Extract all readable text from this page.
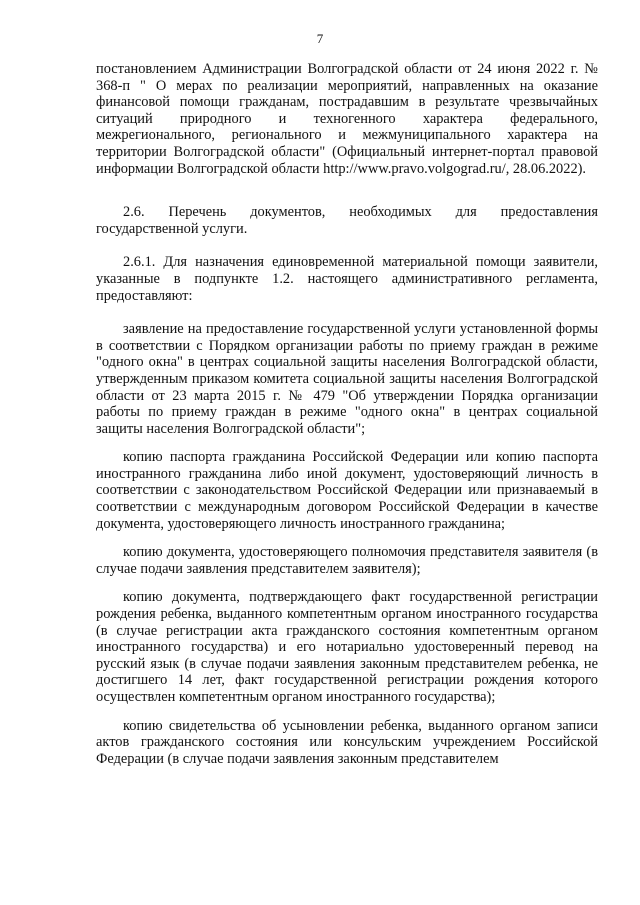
7

постановлением Администрации Волгоградской области от 24 июня 2022 г. № 368-п " О мерах по реализации мероприятий, направленных на оказание финансовой помощи гражданам, пострадавшим в результате чрезвычайных ситуаций природного и техногенного характера федерального, межрегионального, регионального и межмуниципального характера на территории Волгоградской области" (Официальный интернет-портал правовой информации Волгоградской области http://www.pravo.volgograd.ru/, 28.06.2022).

2.6. Перечень документов, необходимых для предоставления государственной услуги.

2.6.1. Для назначения единовременной материальной помощи заявители, указанные в подпункте 1.2. настоящего административного регламента, предоставляют:

заявление на предоставление государственной услуги установленной формы в соответствии с Порядком организации работы по приему граждан в режиме "одного окна" в центрах социальной защиты населения Волгоградской области, утвержденным приказом комитета социальной защиты населения Волгоградской области от 23 марта 2015 г. № 479 "Об утверждении Порядка организации работы по приему граждан в режиме "одного окна" в центрах социальной защиты населения Волгоградской области";

копию паспорта гражданина Российской Федерации или копию паспорта иностранного гражданина либо иной документ, удостоверяющий личность в соответствии с законодательством Российской Федерации или признаваемый в соответствии с международным договором Российской Федерации в качестве документа, удостоверяющего личность иностранного гражданина;

копию документа, удостоверяющего полномочия представителя заявителя (в случае подачи заявления представителем заявителя);

копию документа, подтверждающего факт государственной регистрации рождения ребенка, выданного компетентным органом иностранного государства (в случае регистрации акта гражданского состояния компетентным органом иностранного государства) и его нотариально удостоверенный перевод на русский язык (в случае подачи заявления законным представителем ребенка, не достигшего 14 лет, факт государственной регистрации рождения которого осуществлен компетентным органом иностранного государства);

копию свидетельства об усыновлении ребенка, выданного органом записи актов гражданского состояния или консульским учреждением Российской Федерации (в случае подачи заявления законным представителем
